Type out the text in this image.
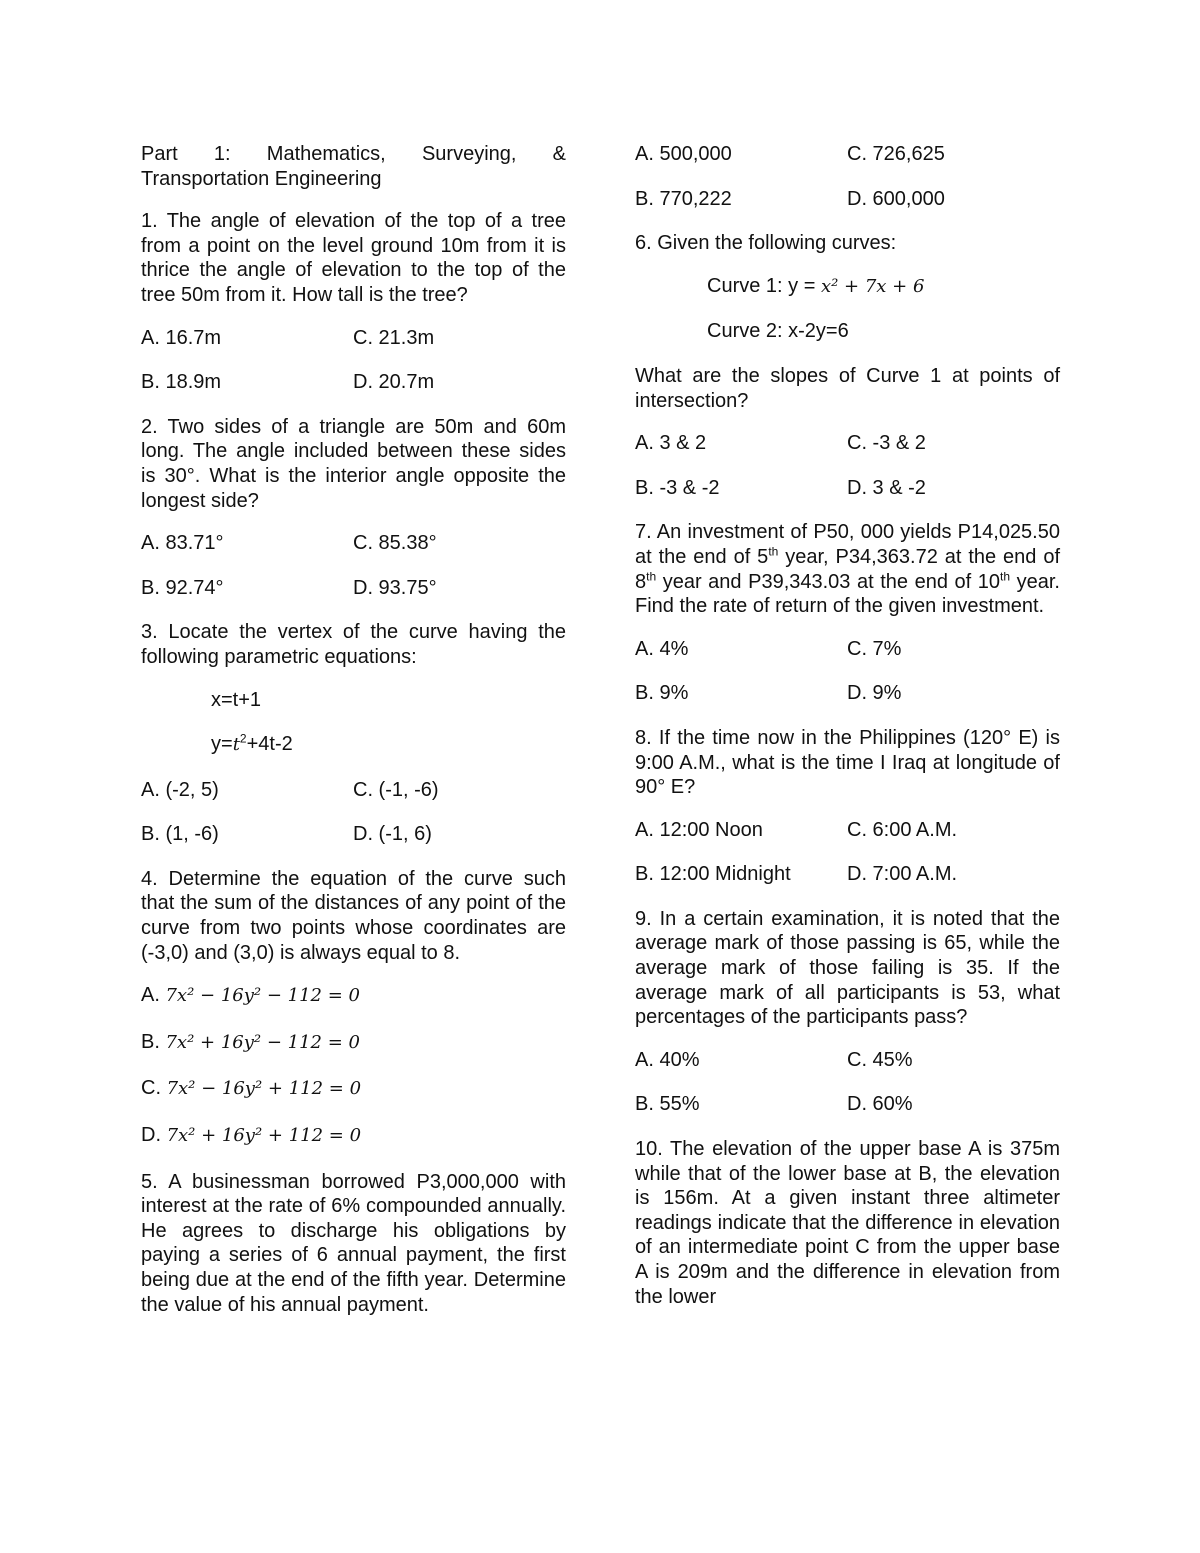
Part 1: Mathematics, Surveying, & Transportation Engineering

1. The angle of elevation of the top of a tree from a point on the level ground 10m from it is thrice the angle of elevation to the top of the tree 50m from it. How tall is the tree?

A. 16.7m	C. 21.3m
B. 18.9m	D. 20.7m

2. Two sides of a triangle are 50m and 60m long. The angle included between these sides is 30°. What is the interior angle opposite the longest side?

A. 83.71°	C. 85.38°
B. 92.74°	D. 93.75°

3. Locate the vertex of the curve having the following parametric equations:

x=t+1
$y=t^2+4t-2$
A. (-2, 5)	C. (-1, -6)
B. (1, -6)	D. (-1, 6)

4. Determine the equation of the curve such that the sum of the distances of any point of the curve from two points whose coordinates are (-3,0) and (3,0) is always equal to 8.

A. 7x² − 16y² − 112 = 0
B. 7x² + 16y² − 112 = 0
C. 7x² − 16y² + 112 = 0
D. 7x² + 16y² + 112 = 0

5. A businessman borrowed P3,000,000 with interest at the rate of 6% compounded annually. He agrees to discharge his obligations by paying a series of 6 annual payment, the first being due at the end of the fifth year. Determine the value of his annual payment.

A. 500,000	C. 726,625
B. 770,222	D. 600,000

6. Given the following curves:

Curve 1: y = x² + 7x + 6
Curve 2: x-2y=6

What are the slopes of Curve 1 at points of intersection?

A. 3 & 2	C. -3 & 2
B. -3 & -2	D. 3 & -2

7. An investment of P50, 000 yields P14,025.50 at the end of 5th year, P34,363.72 at the end of 8th year and P39,343.03 at the end of 10th year. Find the rate of return of the given investment.

A. 4%	C. 7%
B. 9%	D. 9%

8. If the time now in the Philippines (120° E) is 9:00 A.M., what is the time I Iraq at longitude of 90° E?

A. 12:00 Noon	C. 6:00 A.M.
B. 12:00 Midnight	D. 7:00 A.M.

9. In a certain examination, it is noted that the average mark of those passing is 65, while the average mark of those failing is 35. If the average mark of all participants is 53, what percentages of the participants pass?

A. 40%	C. 45%
B. 55%	D. 60%

10. The elevation of the upper base A is 375m while that of the lower base at B, the elevation is 156m. At a given instant three altimeter readings indicate that the difference in elevation of an intermediate point C from the upper base A is 209m and the difference in elevation from the lower
